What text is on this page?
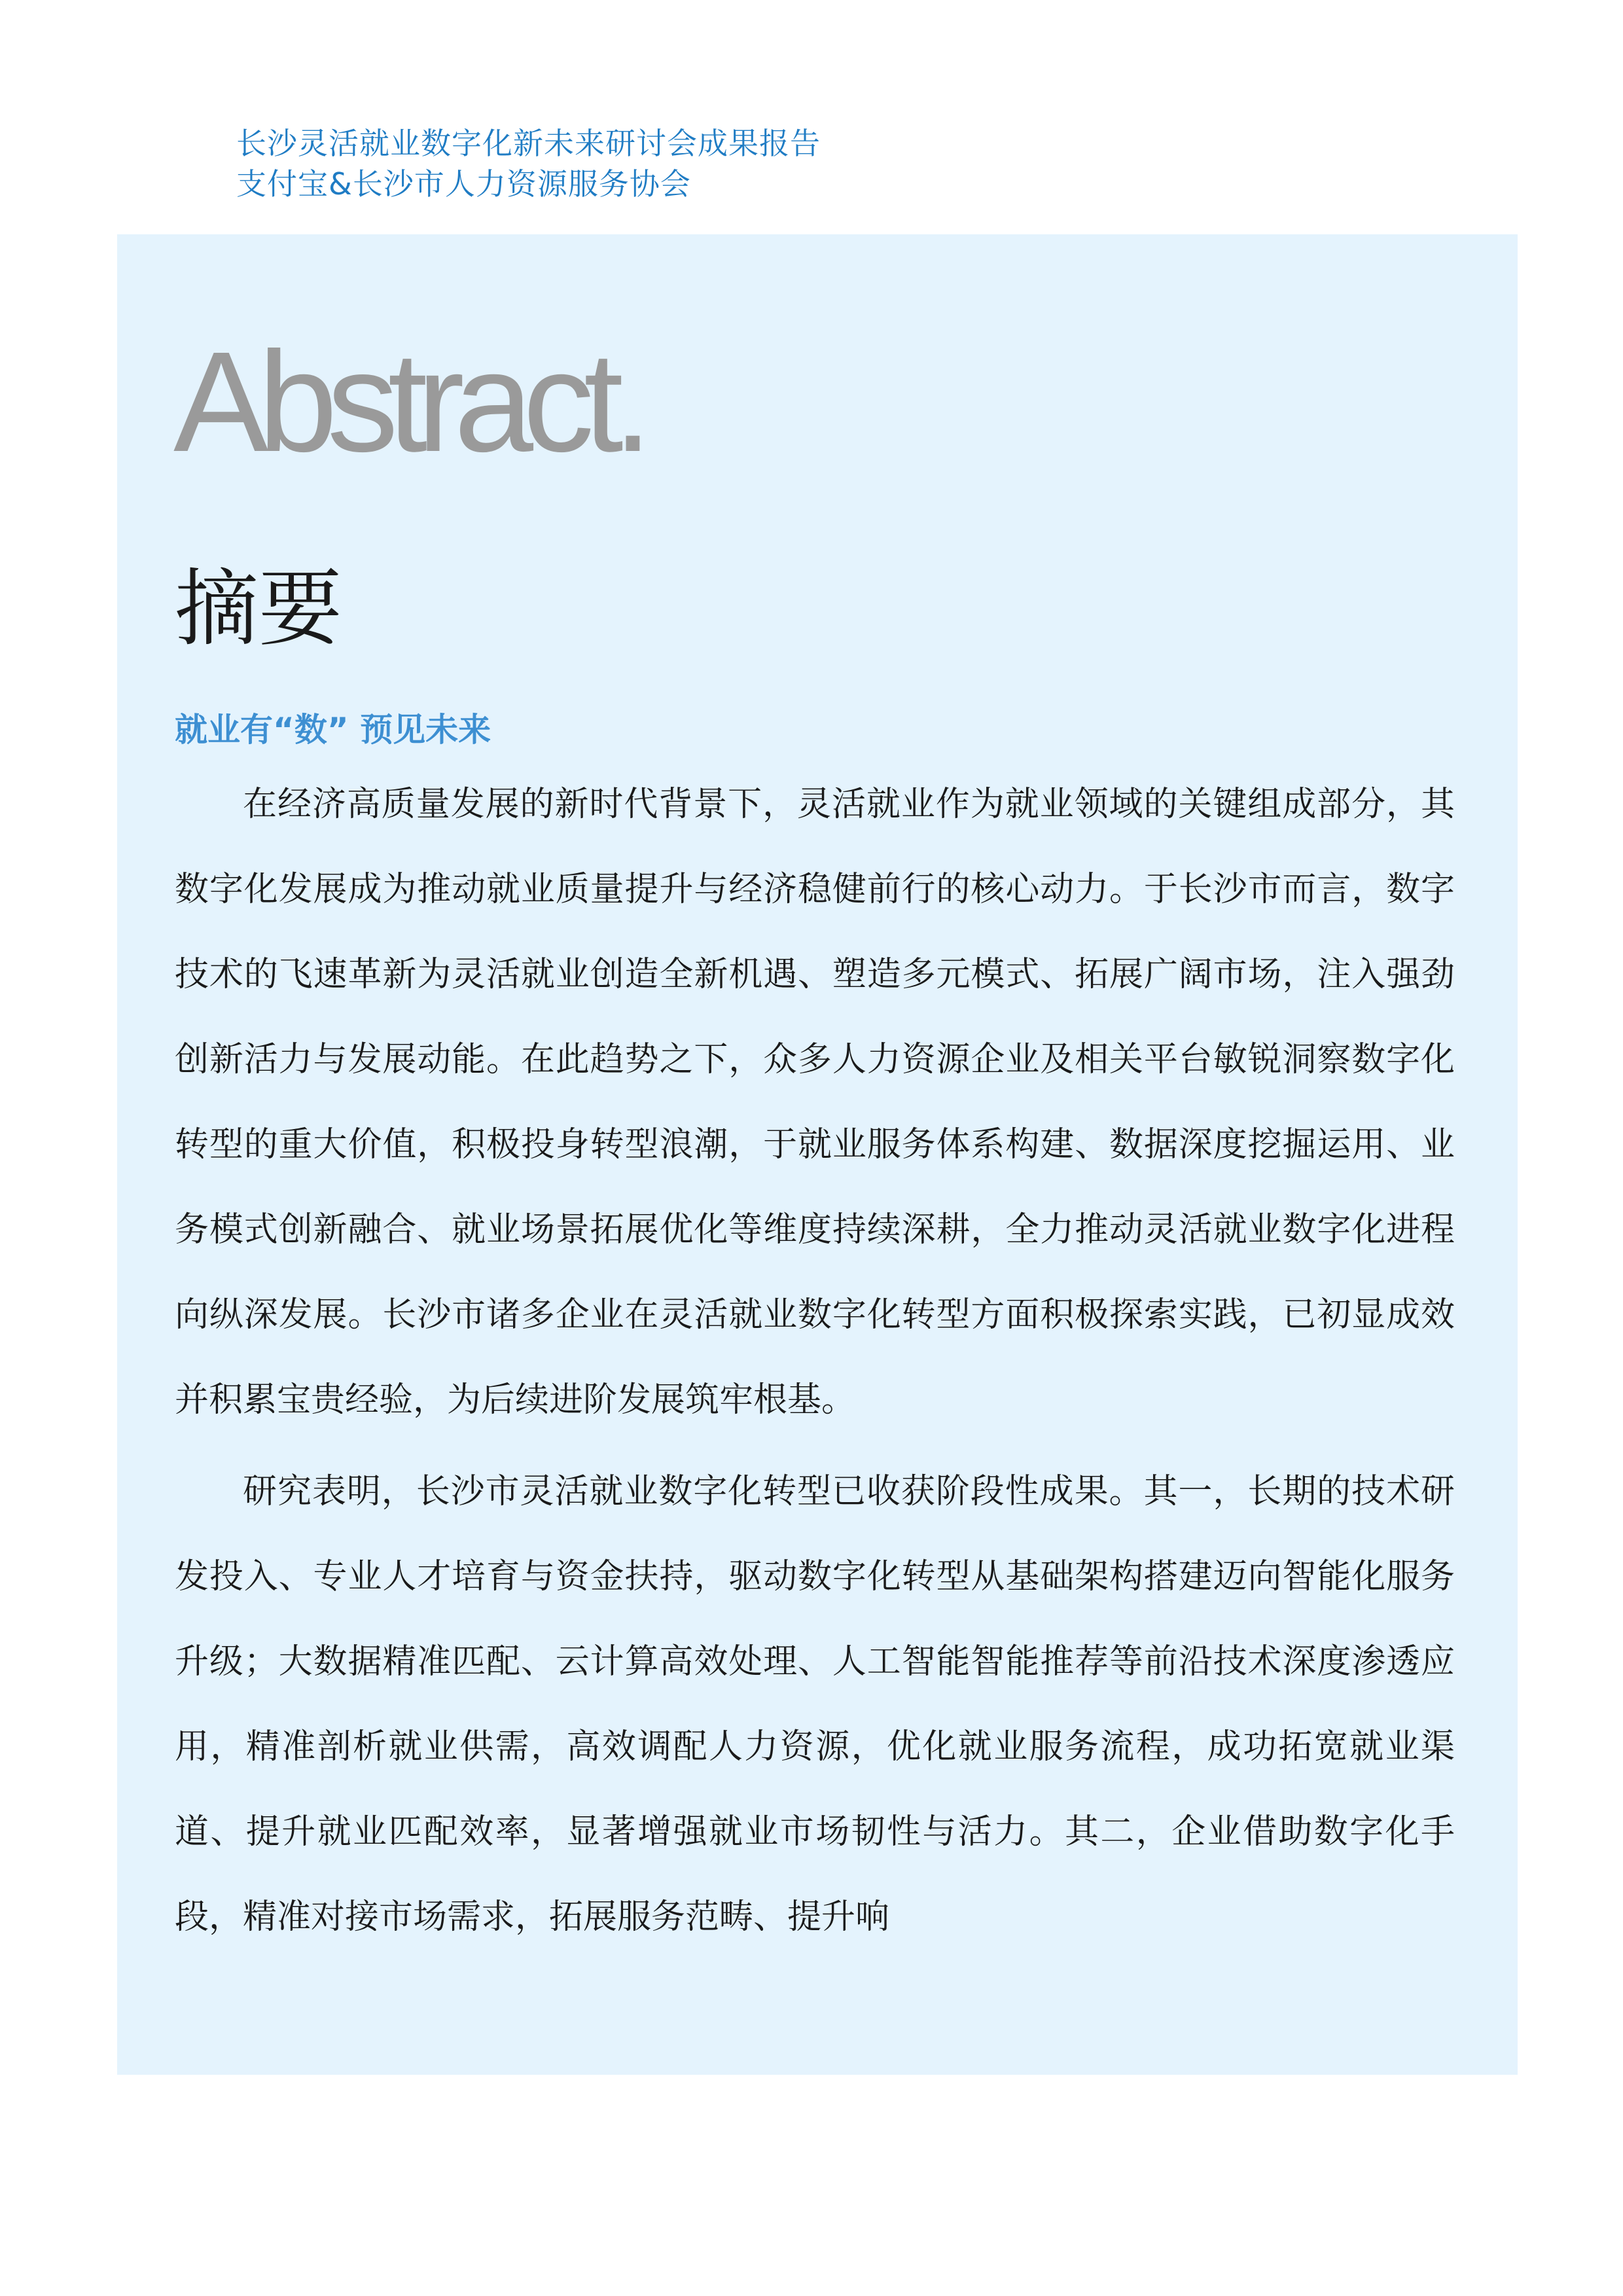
长沙灵活就业数字化新未来研讨会成果报告
支付宝&长沙市人力资源服务协会
Abstract.
摘要
就业有“数” 预见未来

在经济高质量发展的新时代背景下，灵活就业作为就业领域的关键组成部分，其数字化发展成为推动就业质量提升与经济稳健前行的核心动力。于长沙市而言，数字技术的飞速革新为灵活就业创造全新机遇、塑造多元模式、拓展广阔市场，注入强劲创新活力与发展动能。在此趋势之下，众多人力资源企业及相关平台敏锐洞察数字化转型的重大价值，积极投身转型浪潮，于就业服务体系构建、数据深度挖掘运用、业务模式创新融合、就业场景拓展优化等维度持续深耕，全力推动灵活就业数字化进程向纵深发展。长沙市诸多企业在灵活就业数字化转型方面积极探索实践，已初显成效并积累宝贵经验，为后续进阶发展筑牢根基。

研究表明，长沙市灵活就业数字化转型已收获阶段性成果。其一，长期的技术研发投入、专业人才培育与资金扶持，驱动数字化转型从基础架构搭建迈向智能化服务升级；大数据精准匹配、云计算高效处理、人工智能智能推荐等前沿技术深度渗透应用，精准剖析就业供需，高效调配人力资源，优化就业服务流程，成功拓宽就业渠道、提升就业匹配效率，显著增强就业市场韧性与活力。其二，企业借助数字化手段，精准对接市场需求，拓展服务范畴、提升响
